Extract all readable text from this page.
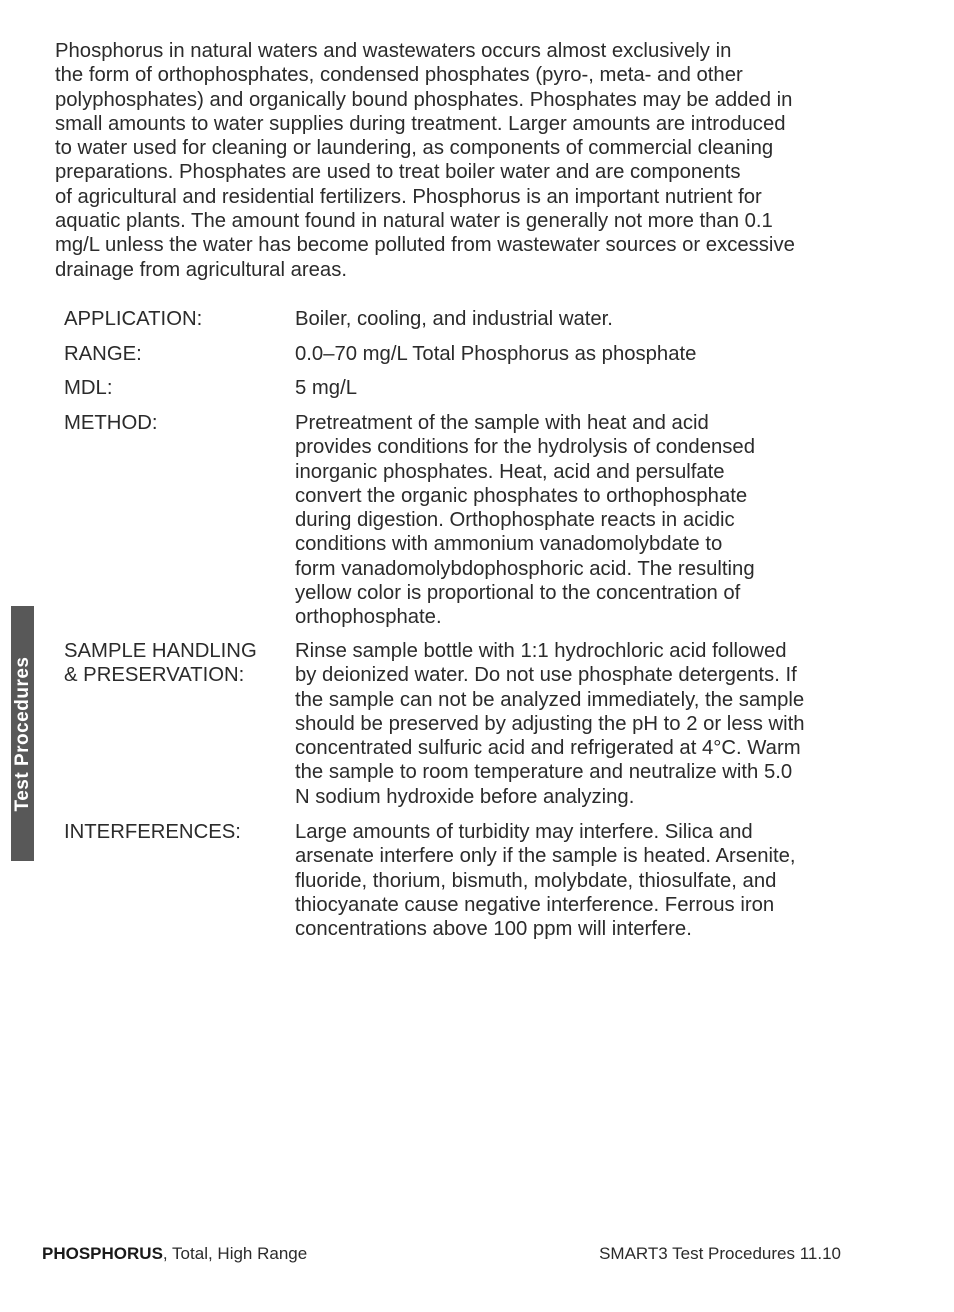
Phosphorus in natural waters and wastewaters occurs almost exclusively in
the form of orthophosphates, condensed phosphates (pyro-, meta- and other
polyphosphates) and organically bound phosphates. Phosphates may be added in
small amounts to water supplies during treatment. Larger amounts are introduced
to water used for cleaning or laundering, as components of commercial cleaning
preparations. Phosphates are used to treat boiler water and are components
of agricultural and residential fertilizers. Phosphorus is an important nutrient for
aquatic plants. The amount found in natural water is generally not more than 0.1
mg/L unless the water has become polluted from wastewater sources or excessive
drainage from agricultural areas.
APPLICATION:	Boiler, cooling, and industrial water.
RANGE:	0.0–70 mg/L Total Phosphorus as phosphate
MDL:	5 mg/L
METHOD:	Pretreatment of the sample with heat and acid
provides conditions for the hydrolysis of condensed
inorganic phosphates. Heat, acid and persulfate
convert the organic phosphates to orthophosphate
during digestion. Orthophosphate reacts in acidic
conditions with ammonium vanadomolybdate to
form vanadomolybdophosphoric acid. The resulting
yellow color is proportional to the concentration of
orthophosphate.
SAMPLE HANDLING
& PRESERVATION:
Rinse sample bottle with 1:1 hydrochloric acid followed
by deionized water. Do not use phosphate detergents. If
the sample can not be analyzed immediately, the sample
should be preserved by adjusting the pH to 2 or less with
concentrated sulfuric acid and refrigerated at 4°C. Warm
the sample to room temperature and neutralize with 5.0
N sodium hydroxide before analyzing.
INTERFERENCES:	Large amounts of turbidity may interfere. Silica and
arsenate interfere only if the sample is heated. Arsenite,
fluoride, thorium, bismuth, molybdate, thiosulfate, and
thiocyanate cause negative interference. Ferrous iron
concentrations above 100 ppm will interfere.
Test Procedures
PHOSPHORUS, Total, High Range	SMART3 Test Procedures 11.10
